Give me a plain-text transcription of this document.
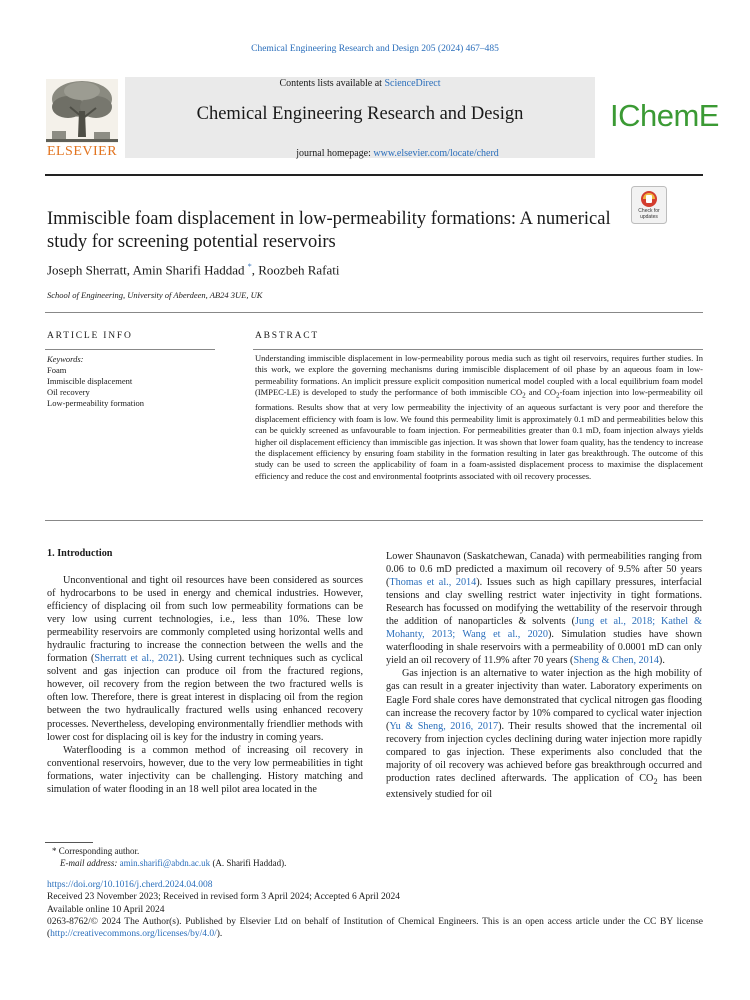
Chemical Engineering Research and Design 205 (2024) 467–485
Contents lists available at ScienceDirect
Chemical Engineering Research and Design
journal homepage: www.elsevier.com/locate/cherd
ELSEVIER
IChemE
Immiscible foam displacement in low-permeability formations: A numerical study for screening potential reservoirs
Check for
updates
Joseph Sherratt, Amin Sharifi Haddad *, Roozbeh Rafati
School of Engineering, University of Aberdeen, AB24 3UE, UK
ARTICLE INFO	ABSTRACT
Keywords:
Foam
Immiscible displacement
Oil recovery
Low-permeability formation
Understanding immiscible displacement in low-permeability porous media such as tight oil reservoirs, requires further studies. In this work, we explore the governing mechanisms during immiscible displacement of oil phase by an aqueous foam in low-permeability formations. An implicit pressure explicit composition numerical model coupled with a local equilibrium foam model (IMPEC-LE) is developed to study the performance of both immiscible $CO_2$ and $CO_2$-foam injection into low-permeability oil formations. Results show that at very low permeability the injectivity of an aqueous surfactant is very poor and therefore the displacement efficiency with foam is low. We found this permeability limit is approximately 0.1 mD and permeabilities below this can be quickly screened as unfavourable to foam injection. For permeabilities greater than 0.1 mD, foam injection always yields higher oil displacement efficiency than immiscible gas injection. It was shown that lower foam quality, has the tendency to increase the displacement efficiency by ensuring foam stability in the formation resulting in later gas breakthrough. The outcome of this study can be used to screen the applicability of foam in a foam-assisted displacement process to maximise the displacement efficiency and reduce the cost and environmental footprints associated with oil recovery processes.
1. Introduction

Unconventional and tight oil resources have been considered as sources of hydrocarbons to be used in energy and chemical industries. However, efficiency of displacing oil from such low permeability formations can be very low using current technologies, i.e., less than 10%. These low permeability reservoirs are commonly completed using horizontal wells and hydraulic fracturing to increase the connection between the wells and the formation (Sherratt et al., 2021). Using current techniques such as cyclical solvent and gas injection can produce oil from the fractured regions, however, oil recovery from the region between the two fractured wells is often low. Therefore, there is great interest in displacing oil from the region between the two hydraulically fractured wells using enhanced recovery processes. Nevertheless, developing environmentally friendlier methods with lower cost for displacing oil is key for the industry in coming years.

Waterflooding is a common method of increasing oil recovery in conventional reservoirs, however, due to the very low permeabilities in tight formations, water injectivity can be challenging. History matching and simulation of water flooding in an 18 well pilot area located in the

Lower Shaunavon (Saskatchewan, Canada) with permeabilities ranging from 0.06 to 0.6 mD predicted a maximum oil recovery of 9.5% after 50 years (Thomas et al., 2014). Issues such as high capillary pressures, interfacial tensions and clay swelling restrict water injectivity in tight formations. Research has focussed on modifying the wettability of the reservoir through the addition of nanoparticles & solvents (Jung et al., 2018; Kathel & Mohanty, 2013; Wang et al., 2020). Simulation studies have shown waterflooding in shale reservoirs with a permeability of 0.0001 mD can only yield an oil recovery of 11.9% after 70 years (Sheng & Chen, 2014).

Gas injection is an alternative to water injection as the high mobility of gas can result in a greater injectivity than water. Laboratory experiments on Eagle Ford shale cores have demonstrated that cyclical nitrogen gas flooding can increase the recovery factor by 10% compared to cyclical water injection (Yu & Sheng, 2016, 2017). Their results showed that the incremental oil recovery from injection cycles declining during water injection more rapidly compared to gas injection. These experiments also concluded that the majority of oil recovery was achieved before gas breakthrough occurred and production rates declined afterwards. The application of $CO_2$ has been extensively studied for oil

* Corresponding author.
E-mail address: amin.sharifi@abdn.ac.uk (A. Sharifi Haddad).
https://doi.org/10.1016/j.cherd.2024.04.008
Received 23 November 2023; Received in revised form 3 April 2024; Accepted 6 April 2024
Available online 10 April 2024
0263-8762/© 2024 The Author(s). Published by Elsevier Ltd on behalf of Institution of Chemical Engineers. This is an open access article under the CC BY license (http://creativecommons.org/licenses/by/4.0/).
